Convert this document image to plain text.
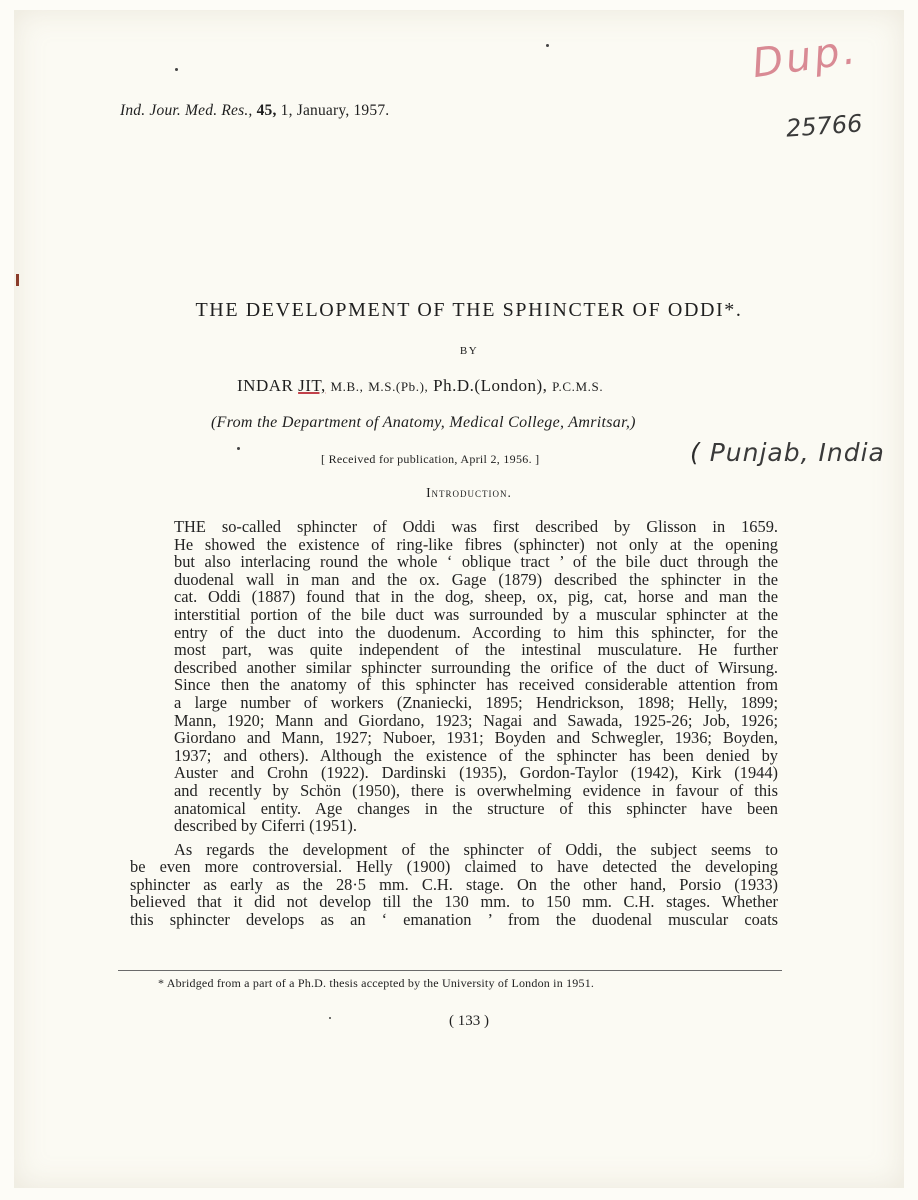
Ind. Jour. Med. Res., 45, 1, January, 1957.
Dup.
25766
( Punjab, India
THE DEVELOPMENT OF THE SPHINCTER OF ODDI*.
BY
INDAR JIT, M.B., M.S.(Pb.), Ph.D.(London), P.C.M.S.
(From the Department of Anatomy, Medical College, Amritsar,)
[ Received for publication, April 2, 1956. ]
Introduction.
THE so-called sphincter of Oddi was first described by Glisson in 1659.
He showed the existence of ring-like fibres (sphincter) not only at the opening
but also interlacing round the whole ‘ oblique tract ’ of the bile duct through the
duodenal wall in man and the ox. Gage (1879) described the sphincter in the
cat. Oddi (1887) found that in the dog, sheep, ox, pig, cat, horse and man the
interstitial portion of the bile duct was surrounded by a muscular sphincter at the
entry of the duct into the duodenum. According to him this sphincter, for the
most part, was quite independent of the intestinal musculature. He further
described another similar sphincter surrounding the orifice of the duct of Wirsung.
Since then the anatomy of this sphincter has received considerable attention from
a large number of workers (Znaniecki, 1895; Hendrickson, 1898; Helly, 1899;
Mann, 1920; Mann and Giordano, 1923; Nagai and Sawada, 1925-26; Job, 1926;
Giordano and Mann, 1927; Nuboer, 1931; Boyden and Schwegler, 1936; Boyden,
1937; and others). Although the existence of the sphincter has been denied by
Auster and Crohn (1922). Dardinski (1935), Gordon-Taylor (1942), Kirk (1944)
and recently by Schön (1950), there is overwhelming evidence in favour of this
anatomical entity. Age changes in the structure of this sphincter have been
described by Ciferri (1951).
As regards the development of the sphincter of Oddi, the subject seems to
be even more controversial. Helly (1900) claimed to have detected the developing
sphincter as early as the 28·5 mm. C.H. stage. On the other hand, Porsio (1933)
believed that it did not develop till the 130 mm. to 150 mm. C.H. stages. Whether
this sphincter develops as an ‘ emanation ’ from the duodenal muscular coats
* Abridged from a part of a Ph.D. thesis accepted by the University of London in 1951.
( 133 )
